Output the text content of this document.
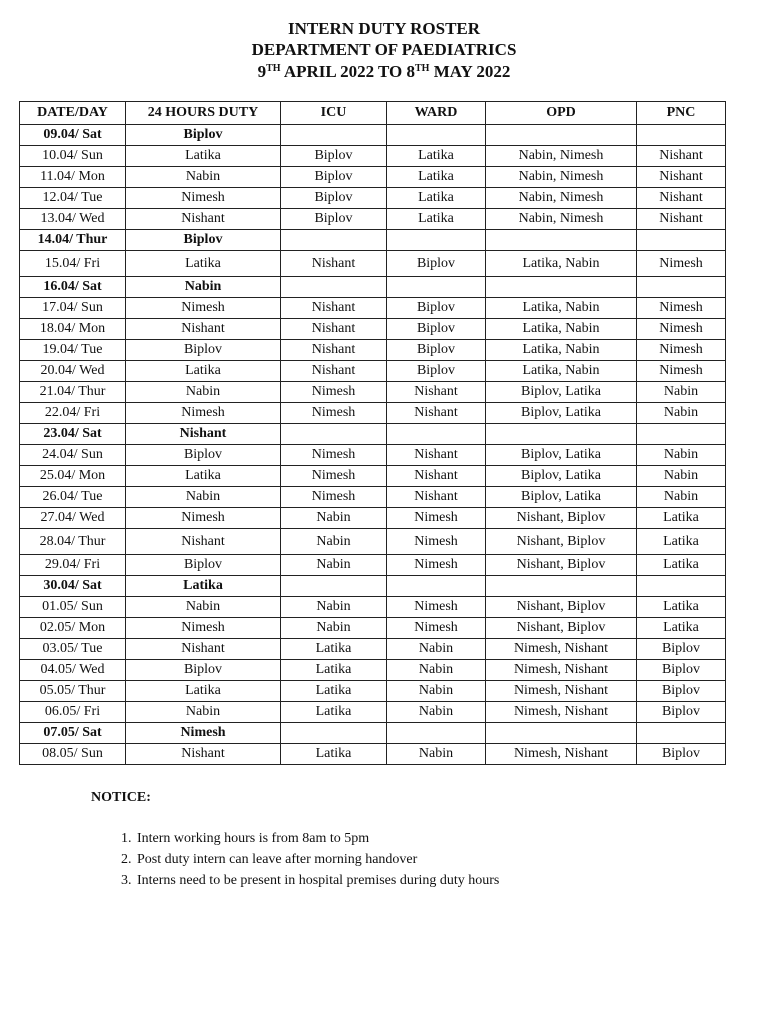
INTERN DUTY ROSTER
DEPARTMENT OF PAEDIATRICS
9TH APRIL 2022 TO 8TH MAY 2022
DATE/DAY	24 HOURS DUTY	ICU	WARD	OPD	PNC
09.04/ Sat	Biplov				
10.04/ Sun	Latika	Biplov	Latika	Nabin, Nimesh	Nishant
11.04/ Mon	Nabin	Biplov	Latika	Nabin, Nimesh	Nishant
12.04/ Tue	Nimesh	Biplov	Latika	Nabin, Nimesh	Nishant
13.04/ Wed	Nishant	Biplov	Latika	Nabin, Nimesh	Nishant
14.04/ Thur	Biplov				
15.04/ Fri	Latika	Nishant	Biplov	Latika, Nabin	Nimesh
16.04/ Sat	Nabin				
17.04/ Sun	Nimesh	Nishant	Biplov	Latika, Nabin	Nimesh
18.04/ Mon	Nishant	Nishant	Biplov	Latika, Nabin	Nimesh
19.04/ Tue	Biplov	Nishant	Biplov	Latika, Nabin	Nimesh
20.04/ Wed	Latika	Nishant	Biplov	Latika, Nabin	Nimesh
21.04/ Thur	Nabin	Nimesh	Nishant	Biplov, Latika	Nabin
22.04/ Fri	Nimesh	Nimesh	Nishant	Biplov, Latika	Nabin
23.04/ Sat	Nishant				
24.04/ Sun	Biplov	Nimesh	Nishant	Biplov, Latika	Nabin
25.04/ Mon	Latika	Nimesh	Nishant	Biplov, Latika	Nabin
26.04/ Tue	Nabin	Nimesh	Nishant	Biplov, Latika	Nabin
27.04/ Wed	Nimesh	Nabin	Nimesh	Nishant, Biplov	Latika
28.04/ Thur	Nishant	Nabin	Nimesh	Nishant, Biplov	Latika
29.04/ Fri	Biplov	Nabin	Nimesh	Nishant, Biplov	Latika
30.04/ Sat	Latika				
01.05/ Sun	Nabin	Nabin	Nimesh	Nishant, Biplov	Latika
02.05/ Mon	Nimesh	Nabin	Nimesh	Nishant, Biplov	Latika
03.05/ Tue	Nishant	Latika	Nabin	Nimesh, Nishant	Biplov
04.05/ Wed	Biplov	Latika	Nabin	Nimesh, Nishant	Biplov
05.05/ Thur	Latika	Latika	Nabin	Nimesh, Nishant	Biplov
06.05/ Fri	Nabin	Latika	Nabin	Nimesh, Nishant	Biplov
07.05/ Sat	Nimesh				
08.05/ Sun	Nishant	Latika	Nabin	Nimesh, Nishant	Biplov
NOTICE:
1. Intern working hours is from 8am to 5pm
2. Post duty intern can leave after morning handover
3. Interns need to be present in hospital premises during duty hours
